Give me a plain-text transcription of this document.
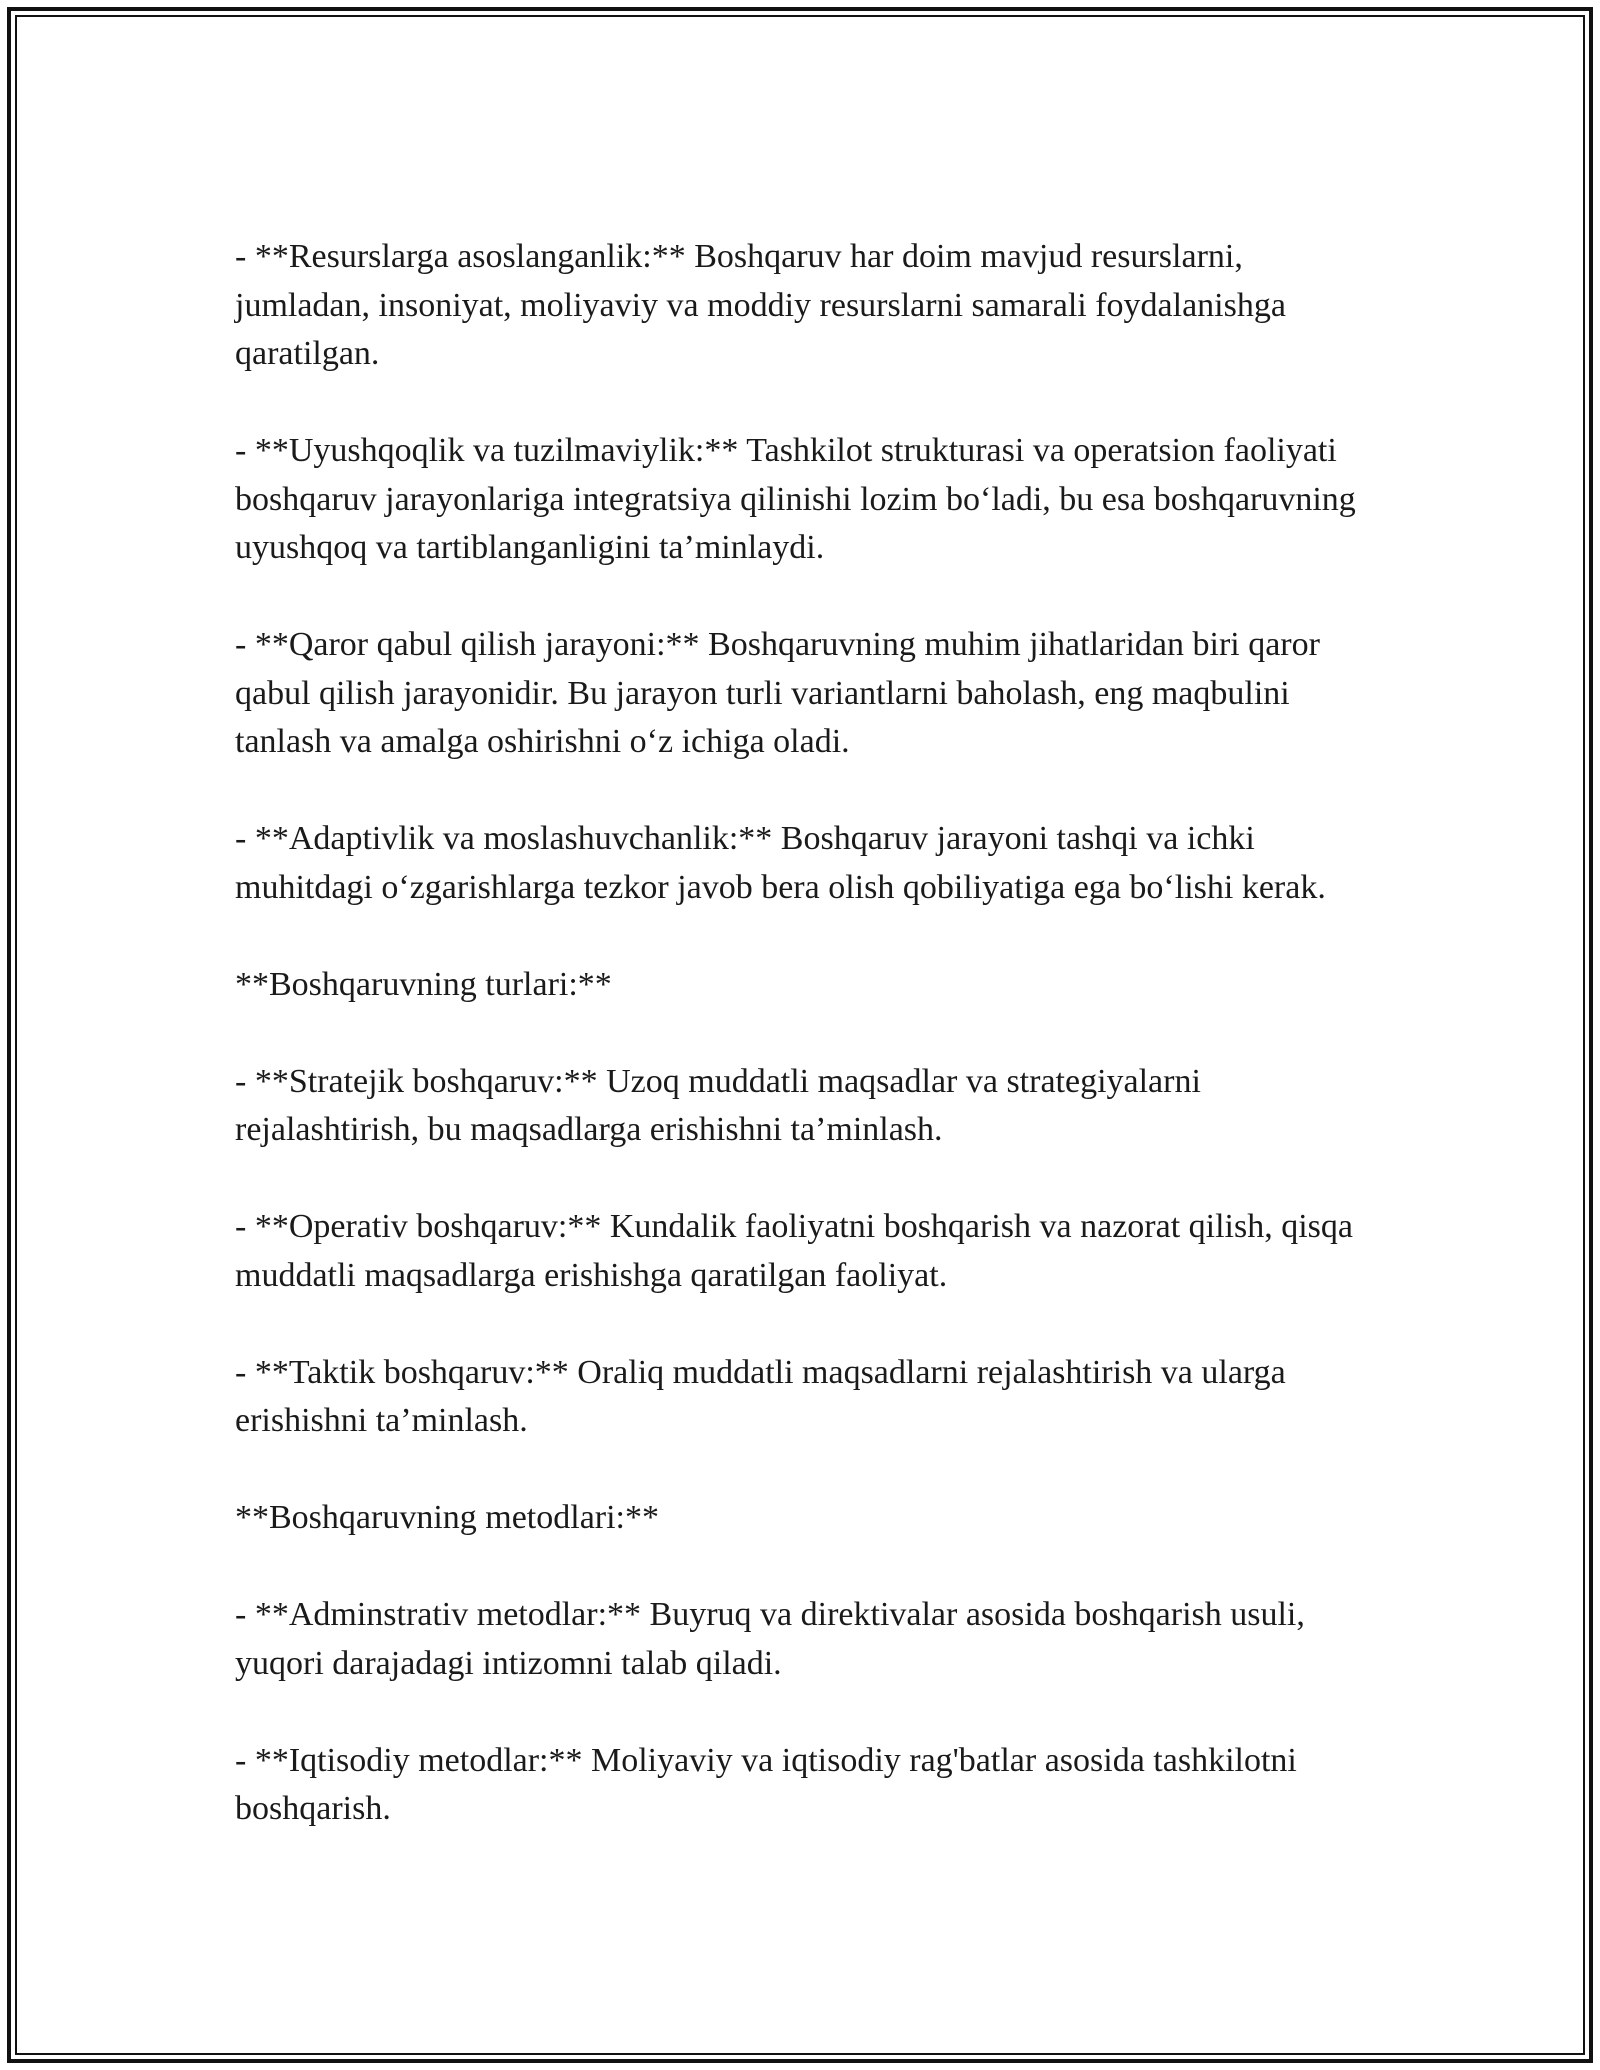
- **Resurslarga asoslanganlik:** Boshqaruv har doim mavjud resurslarni, jumladan, insoniyat, moliyaviy va moddiy resurslarni samarali foydalanishga qaratilgan.

- **Uyushqoqlik va tuzilmaviylik:** Tashkilot strukturasi va operatsion faoliyati boshqaruv jarayonlariga integratsiya qilinishi lozim bo‘ladi, bu esa boshqaruvning uyushqoq va tartiblanganligini ta’minlaydi.

- **Qaror qabul qilish jarayoni:** Boshqaruvning muhim jihatlaridan biri qaror qabul qilish jarayonidir. Bu jarayon turli variantlarni baholash, eng maqbulini tanlash va amalga oshirishni o‘z ichiga oladi.

- **Adaptivlik va moslashuvchanlik:** Boshqaruv jarayoni tashqi va ichki muhitdagi o‘zgarishlarga tezkor javob bera olish qobiliyatiga ega bo‘lishi kerak.

**Boshqaruvning turlari:**

- **Stratejik boshqaruv:** Uzoq muddatli maqsadlar va strategiyalarni rejalashtirish, bu maqsadlarga erishishni ta’minlash.

- **Operativ boshqaruv:** Kundalik faoliyatni boshqarish va nazorat qilish, qisqa muddatli maqsadlarga erishishga qaratilgan faoliyat.

- **Taktik boshqaruv:** Oraliq muddatli maqsadlarni rejalashtirish va ularga erishishni ta’minlash.

**Boshqaruvning metodlari:**

- **Adminstrativ metodlar:** Buyruq va direktivalar asosida boshqarish usuli, yuqori darajadagi intizomni talab qiladi.

- **Iqtisodiy metodlar:** Moliyaviy va iqtisodiy rag'batlar asosida tashkilotni boshqarish.
